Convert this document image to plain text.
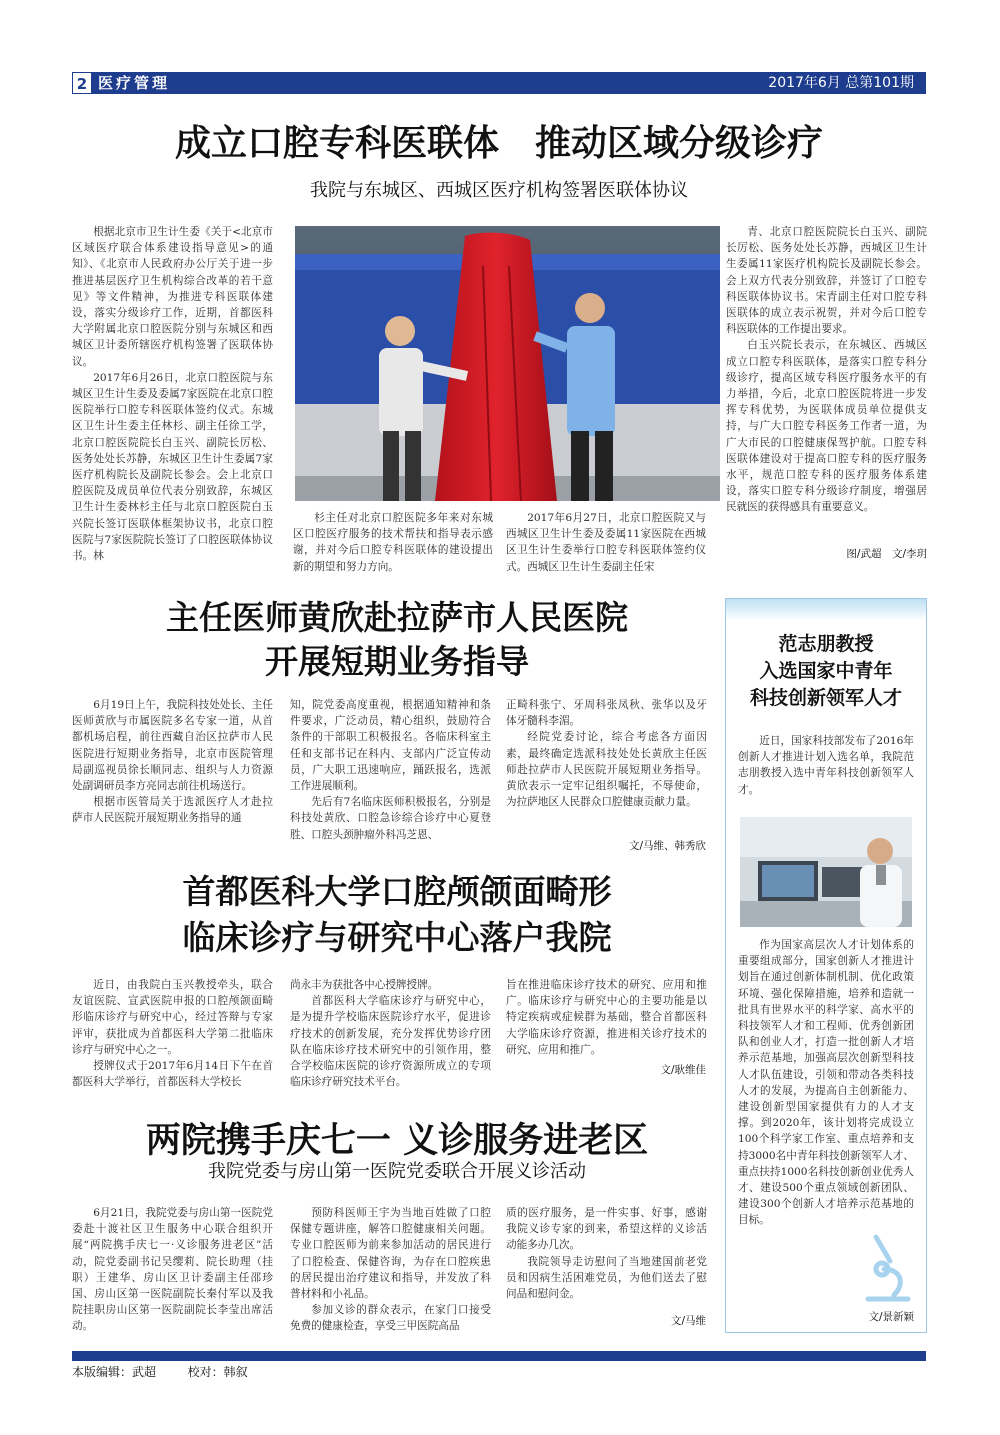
2 医疗管理	2017年6月 总第101期
成立口腔专科医联体　推动区域分级诊疗
我院与东城区、西城区医疗机构签署医联体协议

根据北京市卫生计生委《关于<北京市区域医疗联合体系建设指导意见>的通知》、《北京市人民政府办公厅关于进一步推进基层医疗卫生机构综合改革的若干意见》等文件精神，为推进专科医联体建设，落实分级诊疗工作，近期，首都医科大学附属北京口腔医院分别与东城区和西城区卫计委所辖医疗机构签署了医联体协议。

2017年6月26日，北京口腔医院与东城区卫生计生委及委属7家医院在北京口腔医院举行口腔专科医联体签约仪式。东城区卫生计生委主任林杉、副主任徐工学，北京口腔医院院长白玉兴、副院长厉松、医务处处长苏静，东城区卫生计生委属7家医疗机构院长及副院长参会。会上北京口腔医院及成员单位代表分别致辞，东城区卫生计生委林杉主任与北京口腔医院白玉兴院长签订医联体框架协议书，北京口腔医院与7家医院院长签订了口腔医联体协议书。林

杉主任对北京口腔医院多年来对东城区口腔医疗服务的技术帮扶和指导表示感谢，并对今后口腔专科医联体的建设提出新的期望和努力方向。

2017年6月27日，北京口腔医院又与西城区卫生计生委及委属11家医院在西城区卫生计生委举行口腔专科医联体签约仪式。西城区卫生计生委副主任宋

青、北京口腔医院院长白玉兴、副院长厉松、医务处处长苏静，西城区卫生计生委属11家医疗机构院长及副院长参会。会上双方代表分别致辞，并签订了口腔专科医联体协议书。宋青副主任对口腔专科医联体的成立表示祝贺，并对今后口腔专科医联体的工作提出要求。

白玉兴院长表示，在东城区、西城区成立口腔专科医联体，是落实口腔专科分级诊疗，提高区域专科医疗服务水平的有力举措，今后，北京口腔医院将进一步发挥专科优势，为医联体成员单位提供支持，与广大口腔专科医务工作者一道，为广大市民的口腔健康保驾护航。口腔专科医联体建设对于提高口腔专科的医疗服务水平，规范口腔专科的医疗服务体系建设，落实口腔专科分级诊疗制度，增强居民就医的获得感具有重要意义。

图/武超　文/李玥
主任医师黄欣赴拉萨市人民医院
开展短期业务指导

6月19日上午，我院科技处处长、主任医师黄欣与市属医院多名专家一道，从首都机场启程，前往西藏自治区拉萨市人民医院进行短期业务指导，北京市医院管理局副巡视员徐长顺同志、组织与人力资源处副调研员李方亮同志前往机场送行。

根据市医管局关于选派医疗人才赴拉萨市人民医院开展短期业务指导的通

知，院党委高度重视，根据通知精神和条件要求，广泛动员，精心组织，鼓励符合条件的干部职工积极报名。各临床科室主任和支部书记在科内、支部内广泛宣传动员，广大职工迅速响应，踊跃报名，选派工作进展顺利。

先后有7名临床医师积极报名，分别是科技处黄欣、口腔急诊综合诊疗中心夏登胜、口腔头颈肿瘤外科冯芝恩、

正畸科张宁、牙周科张凤秋、张华以及牙体牙髓科李湄。

经院党委讨论，综合考虑各方面因素，最终确定选派科技处处长黄欣主任医师赴拉萨市人民医院开展短期业务指导。黄欣表示一定牢记组织嘱托，不辱使命，为拉萨地区人民群众口腔健康贡献力量。

文/马维、韩秀欣
首都医科大学口腔颅颌面畸形
临床诊疗与研究中心落户我院

近日，由我院白玉兴教授牵头，联合友谊医院、宣武医院申报的口腔颅颌面畸形临床诊疗与研究中心，经过答辩与专家评审，获批成为首都医科大学第二批临床诊疗与研究中心之一。

授牌仪式于2017年6月14日下午在首都医科大学举行，首都医科大学校长

尚永丰为获批各中心授牌授牌。

首都医科大学临床诊疗与研究中心，是为提升学校临床医院诊疗水平，促进诊疗技术的创新发展，充分发挥优势诊疗团队在临床诊疗技术研究中的引领作用，整合学校临床医院的诊疗资源所成立的专项临床诊疗研究技术平台。

旨在推进临床诊疗技术的研究、应用和推广。临床诊疗与研究中心的主要功能是以特定疾病或症候群为基础，整合首都医科大学临床诊疗资源，推进相关诊疗技术的研究、应用和推广。

文/耿维佳
两院携手庆七一 义诊服务进老区
我院党委与房山第一医院党委联合开展义诊活动

6月21日，我院党委与房山第一医院党委赴十渡社区卫生服务中心联合组织开展“两院携手庆七一·义诊服务进老区”活动，院党委副书记吴缨莉、院长助理（挂职）王建华、房山区卫计委副主任邵珍国、房山区第一医院副院长秦付军以及我院挂职房山区第一医院副院长李莹出席活动。

预防科医师王宇为当地百姓做了口腔保健专题讲座，解答口腔健康相关问题。专业口腔医师为前来参加活动的居民进行了口腔检查、保健咨询，为存在口腔疾患的居民提出治疗建议和指导，并发放了科普材料和小礼品。

参加义诊的群众表示，在家门口接受免费的健康检查，享受三甲医院高品

质的医疗服务，是一件实事、好事，感谢我院义诊专家的到来，希望这样的义诊活动能多办几次。

我院领导走访慰问了当地建国前老党员和因病生活困难党员，为他们送去了慰问品和慰问金。

文/马维
范志朋教授
入选国家中青年
科技创新领军人才

近日，国家科技部发布了2016年创新人才推进计划入选名单，我院范志朋教授入选中青年科技创新领军人才。

作为国家高层次人才计划体系的重要组成部分，国家创新人才推进计划旨在通过创新体制机制、优化政策环境、强化保障措施，培养和造就一批具有世界水平的科学家、高水平的科技领军人才和工程师、优秀创新团队和创业人才，打造一批创新人才培养示范基地，加强高层次创新型科技人才队伍建设，引领和带动各类科技人才的发展，为提高自主创新能力、建设创新型国家提供有力的人才支撑。到2020年，该计划将完成设立100个科学家工作室、重点培养和支持3000名中青年科技创新领军人才、重点扶持1000名科技创新创业优秀人才、建设500个重点领域创新团队、建设300个创新人才培养示范基地的目标。

文/景新颖
本版编辑：武超	校对：韩叙
